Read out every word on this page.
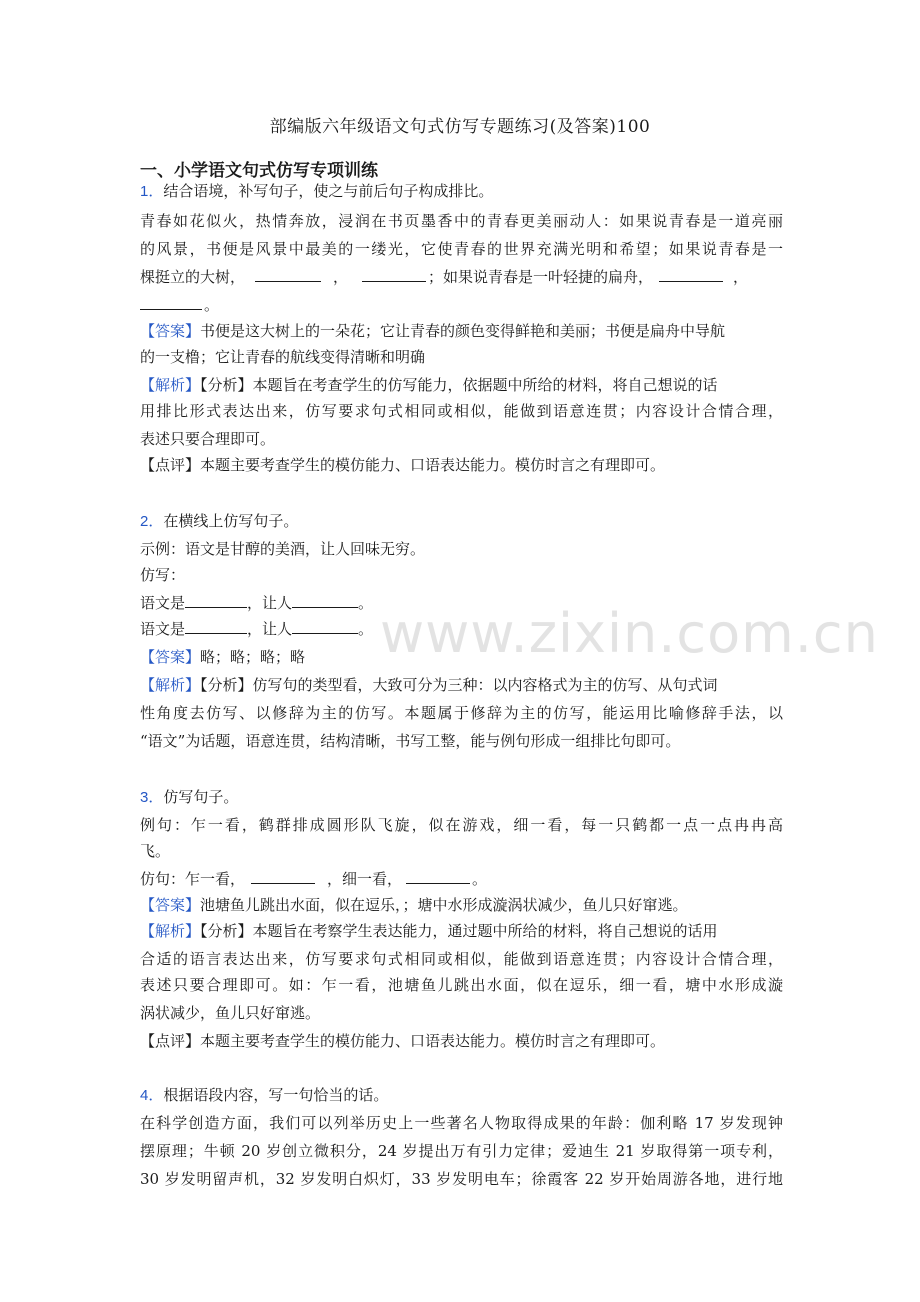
www.zixin.com.cn
部编版六年级语文句式仿写专题练习(及答案)100
一、小学语文句式仿写专项训练
1．结合语境，补写句子，使之与前后句子构成排比。
青春如花似火，热情奔放，浸润在书页墨香中的青春更美丽动人：如果说青春是一道亮丽
的风景，书便是风景中最美的一缕光，它使青春的世界充满光明和希望；如果说青春是一
棵挺立的大树，	，	；如果说青春是一叶轻捷的扁舟，	，
。
【答案】书便是这大树上的一朵花；它让青春的颜色变得鲜艳和美丽；书便是扁舟中导航
的一支橹；它让青春的航线变得清晰和明确
【解析】【分析】本题旨在考查学生的仿写能力，依据题中所给的材料，将自己想说的话
用排比形式表达出来，仿写要求句式相同或相似，能做到语意连贯；内容设计合情合理，
表述只要合理即可。
【点评】本题主要考查学生的模仿能力、口语表达能力。模仿时言之有理即可。
2．在横线上仿写句子。
示例：语文是甘醇的美酒，让人回味无穷。
仿写：
语文是	，让人	。
语文是	，让人	。
【答案】略；略；略；略
【解析】【分析】仿写句的类型看，大致可分为三种：以内容格式为主的仿写、从句式词
性角度去仿写、以修辞为主的仿写。本题属于修辞为主的仿写，能运用比喻修辞手法，以
“语文”为话题，语意连贯，结构清晰，书写工整，能与例句形成一组排比句即可。
3．仿写句子。
例句：乍一看，鹤群排成圆形队飞旋，似在游戏，细一看，每一只鹤都一点一点冉冉高
飞。
仿句：乍一看，	，细一看，	。
【答案】池塘鱼儿跳出水面，似在逗乐，；塘中水形成漩涡状减少，鱼儿只好窜逃。
【解析】【分析】本题旨在考察学生表达能力，通过题中所给的材料，将自己想说的话用
合适的语言表达出来，仿写要求句式相同或相似，能做到语意连贯；内容设计合情合理，
表述只要合理即可。如：乍一看，池塘鱼儿跳出水面，似在逗乐，细一看，塘中水形成漩
涡状减少，鱼儿只好窜逃。
【点评】本题主要考查学生的模仿能力、口语表达能力。模仿时言之有理即可。
4．根据语段内容，写一句恰当的话。
在科学创造方面，我们可以列举历史上一些著名人物取得成果的年龄：伽利略 17 岁发现钟
摆原理；牛顿 20 岁创立微积分，24 岁提出万有引力定律；爱迪生 21 岁取得第一项专利，
30 岁发明留声机，32 岁发明白炽灯，33 岁发明电车；徐霞客 22 岁开始周游各地，进行地
